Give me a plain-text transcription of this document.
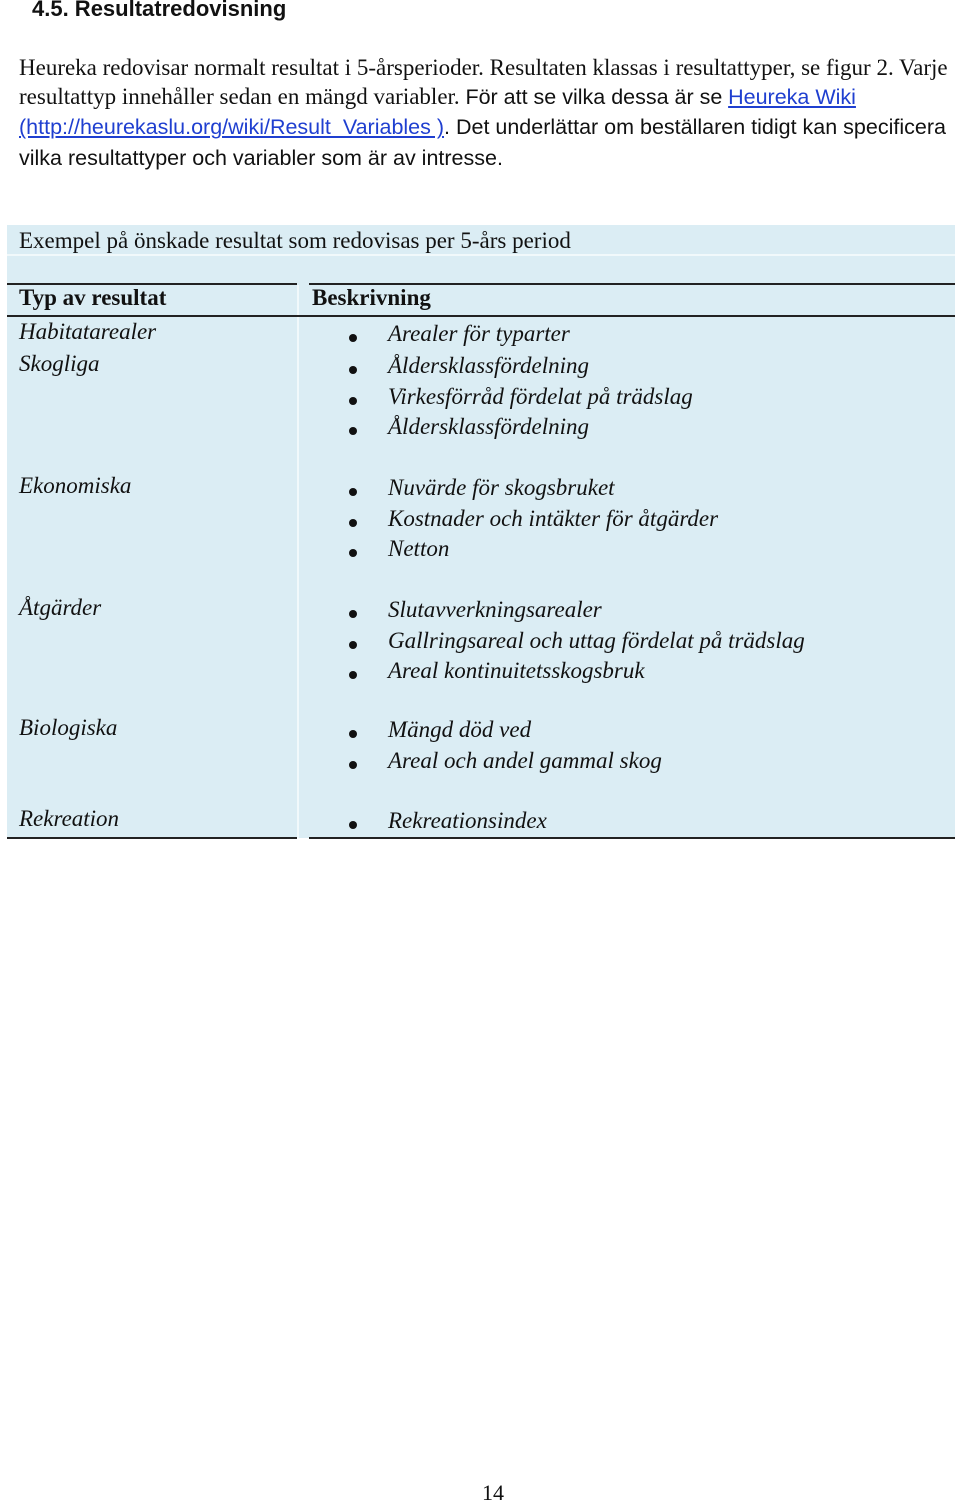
4.5. Resultatredovisning
Heureka redovisar normalt resultat i 5-årsperioder. Resultaten klassas i resultattyper, se figur 2. Varje resultattyp innehåller sedan en mängd variabler. För att se vilka dessa är se Heureka Wiki (http://heurekaslu.org/wiki/Result_Variables ). Det underlättar om beställaren tidigt kan specificera vilka resultattyper och variabler som är av intresse.
Exempel på önskade resultat som redovisas per 5-års period
Typ av resultat	Beskrivning
Habitatarealer	Arealer för typarter
Skogliga	Åldersklassfördelning
Virkesförråd fördelat på trädslag
Åldersklassfördelning
Ekonomiska	Nuvärde för skogsbruket
Kostnader och intäkter för åtgärder
Netton
Åtgärder	Slutavverkningsarealer
Gallringsareal och uttag fördelat på trädslag
Areal kontinuitetsskogsbruk
Biologiska	Mängd död ved
Areal och andel gammal skog
Rekreation	Rekreationsindex
14
